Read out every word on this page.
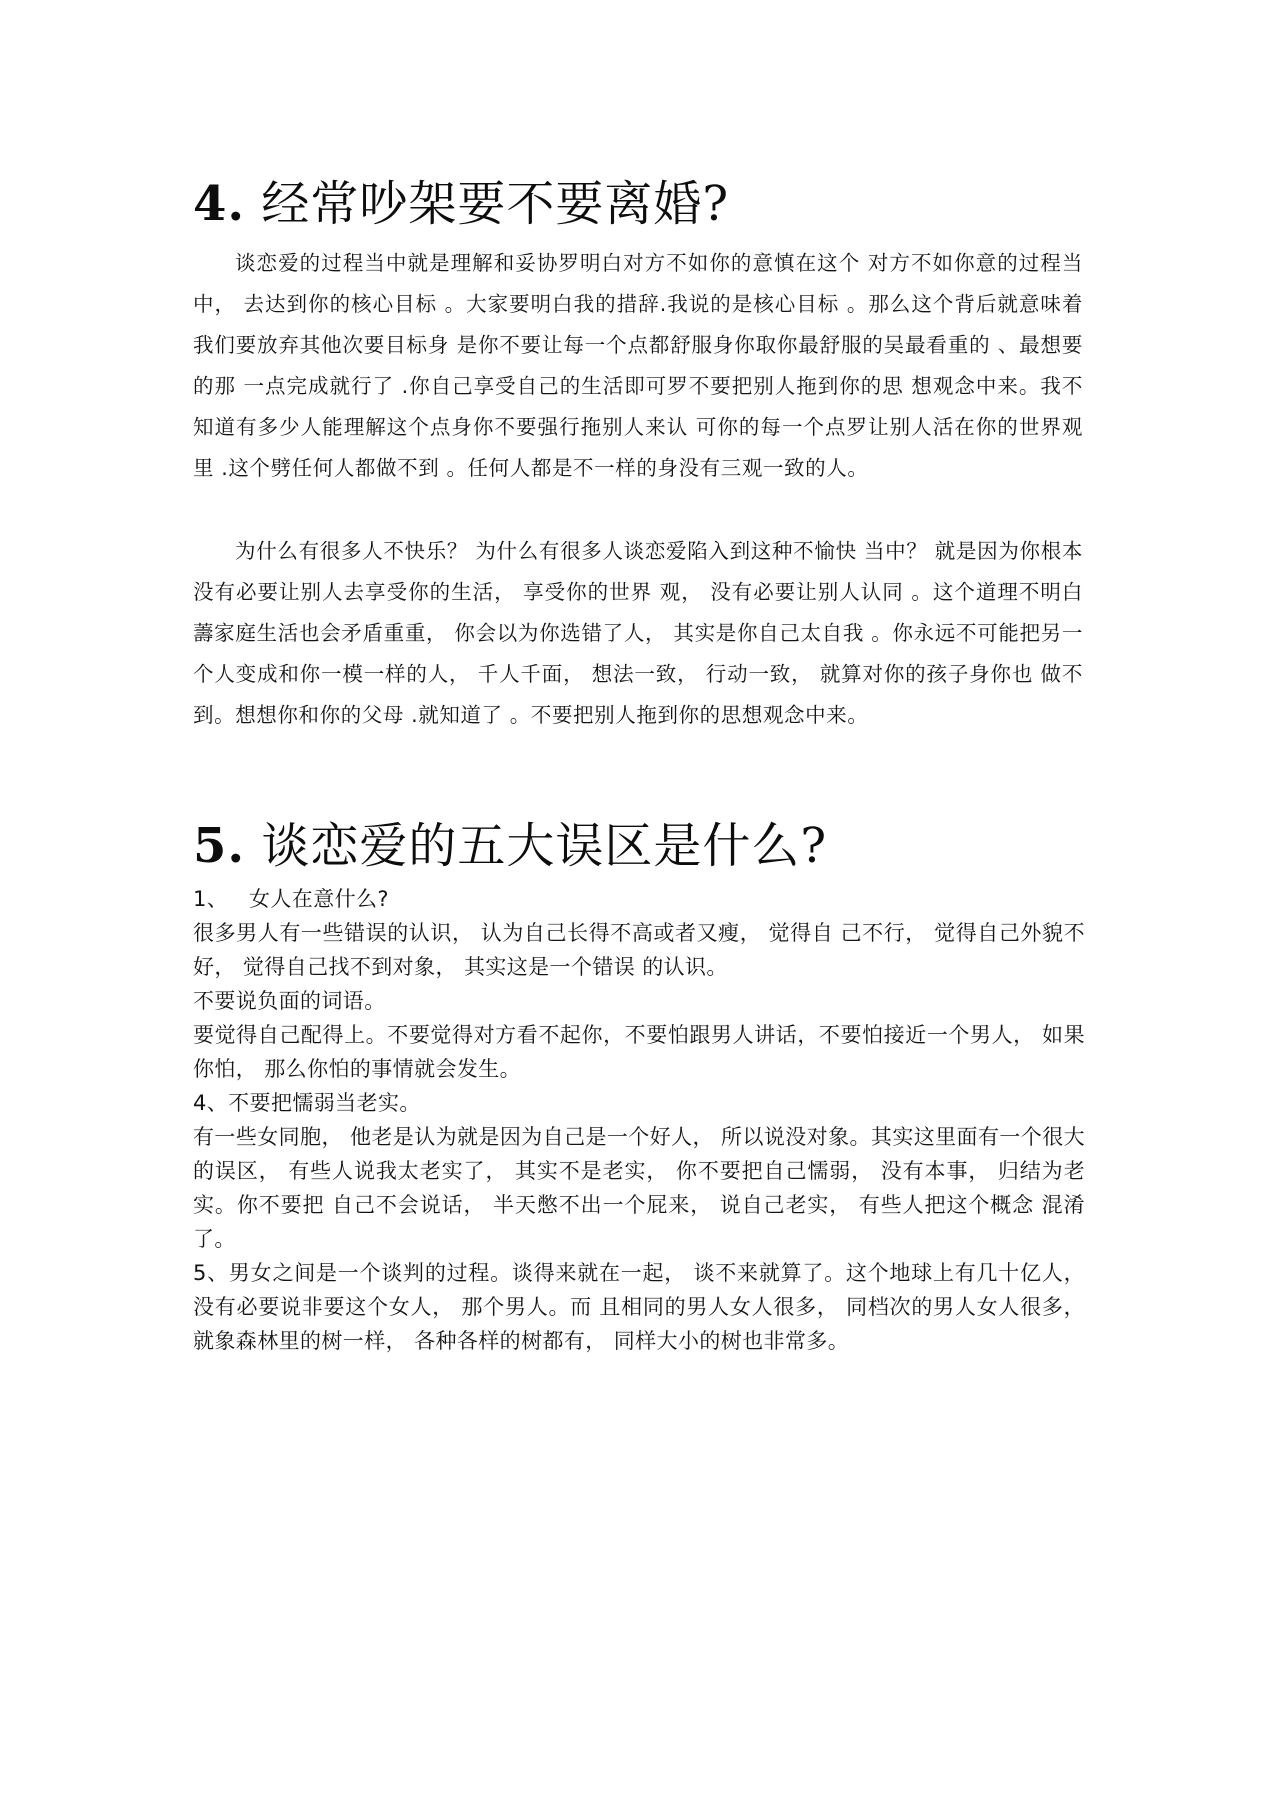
4. 经常吵架要不要离婚?

谈恋爱的过程当中就是理解和妥协罗明白对方不如你的意慎在这个 对方不如你意的过程当中， 去达到你的核心目标 。大家要明白我的措辞.我说的是核心目标 。那么这个背后就意味着我们要放弃其他次要目标身 是你不要让每一个点都舒服身你取你最舒服的吴最看重的 、最想要的那 一点完成就行了 .你自己享受自己的生活即可罗不要把别人拖到你的思 想观念中来。我不知道有多少人能理解这个点身你不要强行拖别人来认 可你的每一个点罗让别人活在你的世界观里 .这个劈任何人都做不到 。任何人都是不一样的身没有三观一致的人。

为什么有很多人不快乐？ 为什么有很多人谈恋爱陷入到这种不愉快 当中？ 就是因为你根本没有必要让别人去享受你的生活， 享受你的世界 观， 没有必要让别人认同 。这个道理不明白薵家庭生活也会矛盾重重， 你会以为你选错了人， 其实是你自己太自我 。你永远不可能把另一个人变成和你一模一样的人， 千人千面， 想法一致， 行动一致， 就算对你的孩子身你也 做不到。想想你和你的父母 .就知道了 。不要把别人拖到你的思想观念中来。

5. 谈恋爱的五大误区是什么?

1、 女人在意什么?

很多男人有一些错误的认识， 认为自己长得不高或者又瘦， 觉得自 己不行， 觉得自己外貌不好， 觉得自己找不到对象， 其实这是一个错误 的认识。

不要说负面的词语。

要觉得自己配得上。不要觉得对方看不起你，不要怕跟男人讲话，不要怕接近一个男人， 如果你怕， 那么你怕的事情就会发生。

4、不要把懦弱当老实。

有一些女同胞， 他老是认为就是因为自己是一个好人， 所以说没对象。其实这里面有一个很大的误区， 有些人说我太老实了， 其实不是老实， 你不要把自己懦弱， 没有本事， 归结为老实。你不要把 自己不会说话， 半天憋不出一个屁来， 说自己老实， 有些人把这个概念 混淆了。

5、男女之间是一个谈判的过程。谈得来就在一起， 谈不来就算了。这个地球上有几十亿人，没有必要说非要这个女人， 那个男人。而 且相同的男人女人很多， 同档次的男人女人很多，就象森林里的树一样， 各种各样的树都有， 同样大小的树也非常多。
